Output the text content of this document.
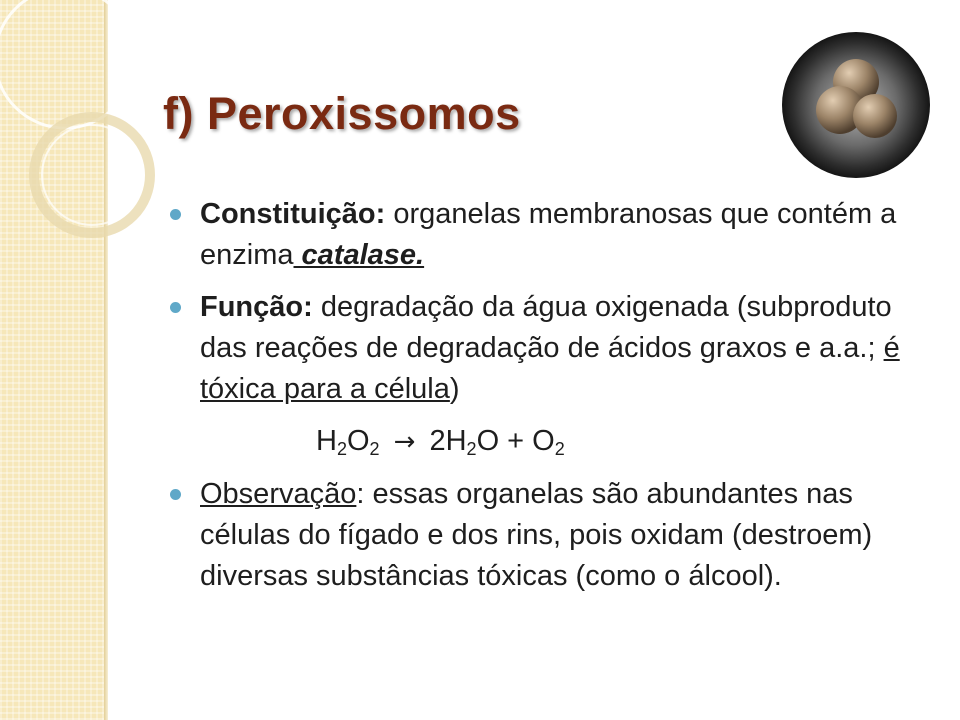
f) Peroxissomos
Constituição: organelas membranosas que contém a enzima catalase.
Função: degradação da água oxigenada (subproduto das reações de degradação de ácidos graxos e a.a.; é tóxica para a célula)
$H_2O_2 \to 2H_2O + O_2$
Observação: essas organelas são abundantes nas células do fígado e dos rins, pois oxidam (destroem) diversas substâncias tóxicas (como o álcool).
